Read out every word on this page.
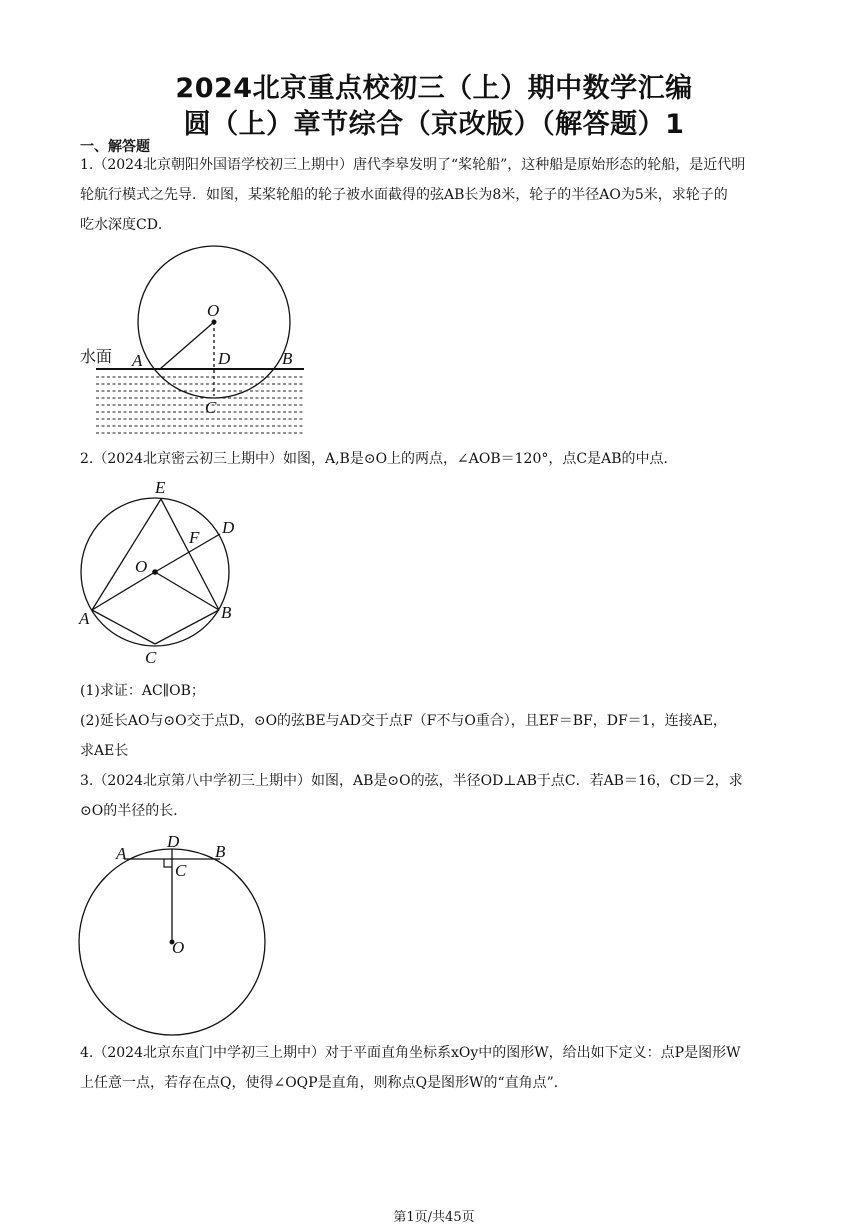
2024北京重点校初三（上）期中数学汇编
圆（上）章节综合（京改版）（解答题）1
一、解答题
1.（2024北京朝阳外国语学校初三上期中）唐代李皋发明了“桨轮船”，这种船是原始形态的轮船，是近代明
轮航行模式之先导．如图，某桨轮船的轮子被水面截得的弦AB长为8米，轮子的半径AO为5米，求轮子的
吃水深度CD．
水面
O
A	D	B
C
2.（2024北京密云初三上期中）如图，A,B是⊙O上的两点，∠AOB＝120°，点C是AB的中点．
E
D
F
O
A	B
C
(1)求证：AC∥OB；
(2)延长AO与⊙O交于点D，⊙O的弦BE与AD交于点F（F不与O重合），且EF＝BF，DF＝1，连接AE，
求AE长
3.（2024北京第八中学初三上期中）如图，AB是⊙O的弦，半径OD⊥AB于点C．若AB＝16，CD＝2，求
⊙O的半径的长．
A	B
D
C
O
4.（2024北京东直门中学初三上期中）对于平面直角坐标系xOy中的图形W，给出如下定义：点P是图形W
上任意一点，若存在点Q，使得∠OQP是直角，则称点Q是图形W的“直角点”．
第1页/共45页
